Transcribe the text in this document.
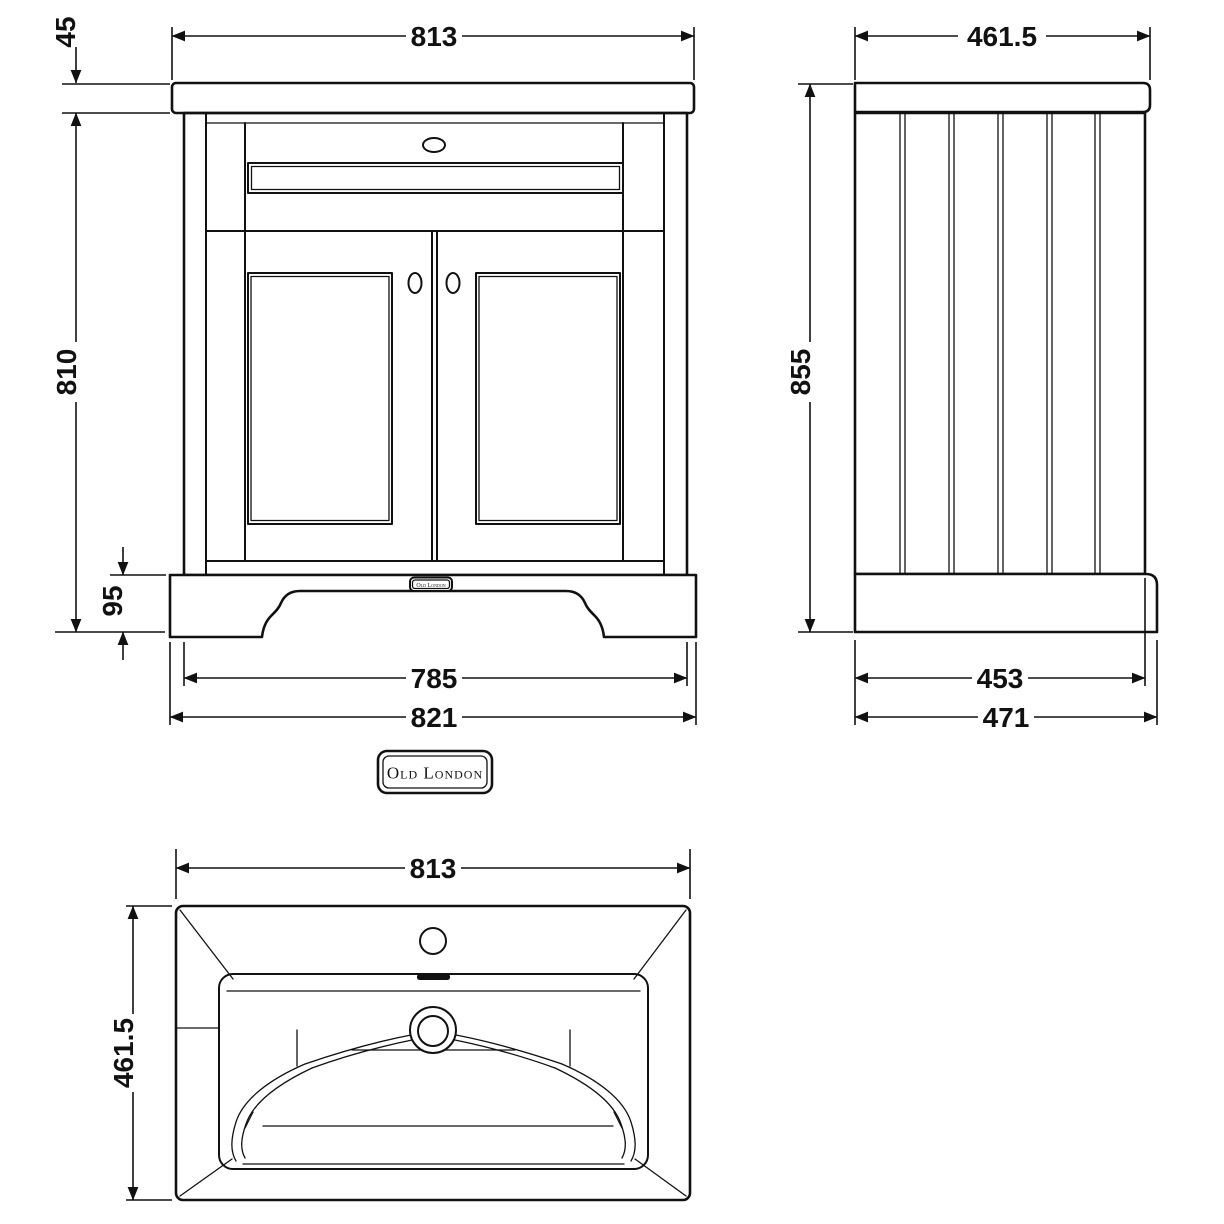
813
45
810
95	Old London
785
821
461.5
855
453
471
Old London
813
461.5
